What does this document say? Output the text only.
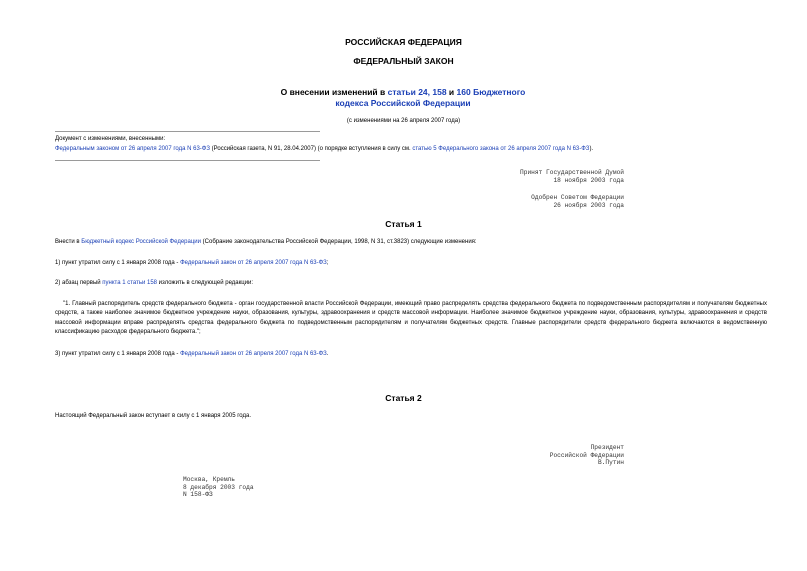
РОССИЙСКАЯ ФЕДЕРАЦИЯ
ФЕДЕРАЛЬНЫЙ ЗАКОН
О внесении изменений в статьи 24, 158 и 160 Бюджетного кодекса Российской Федерации
(с изменениями на 26 апреля 2007 года)
Документ с изменениями, внесенными:
Федеральным законом от 26 апреля 2007 года N 63-ФЗ (Российская газета, N 91, 28.04.2007) (о порядке вступления в силу см. статью 5 Федерального закона от 26 апреля 2007 года N 63-ФЗ).
Принят Государственной Думой
18 ноября 2003 года
Одобрен Советом Федерации
26 ноября 2003 года
Статья 1
Внести в Бюджетный кодекс Российской Федерации (Собрание законодательства Российской Федерации, 1998, N 31, ст.3823) следующие изменения:
1) пункт утратил силу с 1 января 2008 года - Федеральный закон от 26 апреля 2007 года N 63-ФЗ;
2) абзац первый пункта 1 статьи 158 изложить в следующей редакции:
"1. Главный распорядитель средств федерального бюджета - орган государственной власти Российской Федерации, имеющий право распределять средства федерального бюджета по подведомственным распорядителям и получателям бюджетных средств, а также наиболее значимое бюджетное учреждение науки, образования, культуры, здравоохранения и средств массовой информации. Наиболее значимое бюджетное учреждение науки, образования, культуры, здравоохранения и средств массовой информации вправе распределять средства федерального бюджета по подведомственным распорядителям и получателям бюджетных средств. Главные распорядители средств федерального бюджета включаются в ведомственную классификацию расходов федерального бюджета.";
3) пункт утратил силу с 1 января 2008 года - Федеральный закон от 26 апреля 2007 года N 63-ФЗ.
Статья 2
Настоящий Федеральный закон вступает в силу с 1 января 2005 года.
Президент
Российской Федерации
В.Путин
Москва, Кремль
8 декабря 2003 года
N 158-ФЗ
